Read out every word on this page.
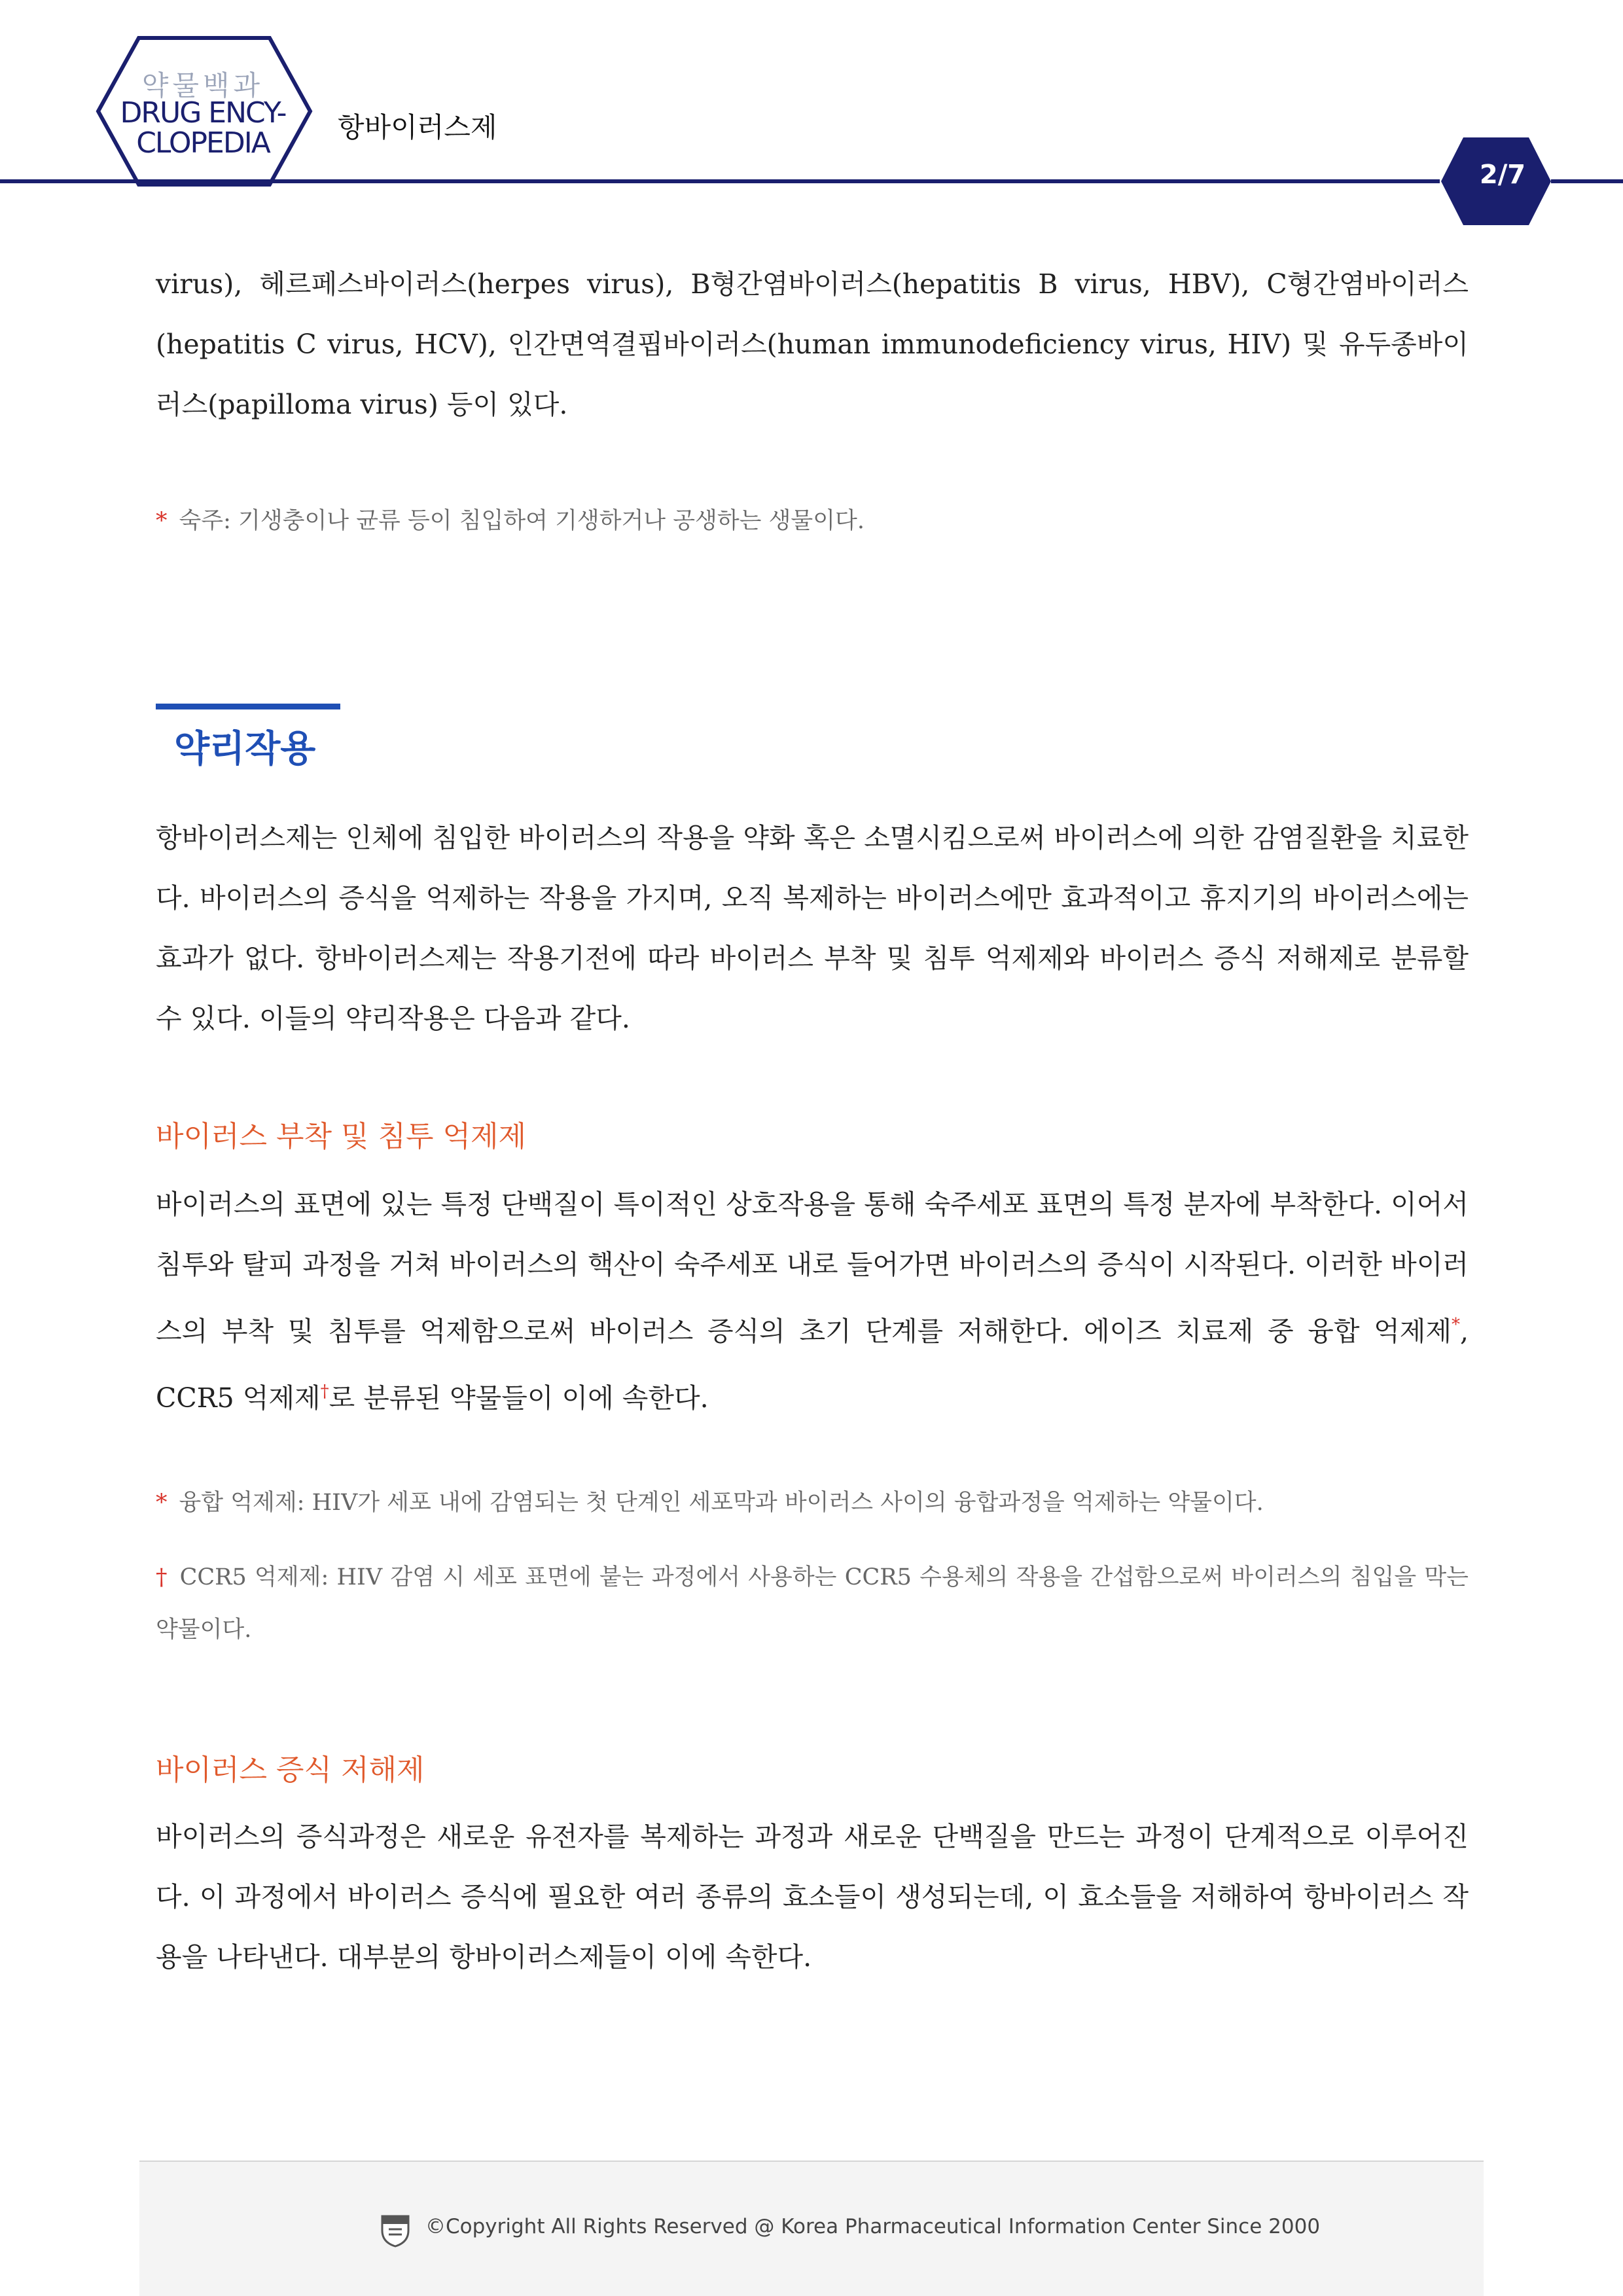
약물백과
DRUG ENCY-
CLOPEDIA	항바이러스제
2/7

virus), 헤르페스바이러스(herpes virus), B형간염바이러스(hepatitis B virus, HBV), C형간염바이러스(hepatitis C virus, HCV), 인간면역결핍바이러스(human immunodeficiency virus, HIV) 및 유두종바이러스(papilloma virus) 등이 있다.

* 숙주: 기생충이나 균류 등이 침입하여 기생하거나 공생하는 생물이다.

약리작용

항바이러스제는 인체에 침입한 바이러스의 작용을 약화 혹은 소멸시킴으로써 바이러스에 의한 감염질환을 치료한다. 바이러스의 증식을 억제하는 작용을 가지며, 오직 복제하는 바이러스에만 효과적이고 휴지기의 바이러스에는 효과가 없다. 항바이러스제는 작용기전에 따라 바이러스 부착 및 침투 억제제와 바이러스 증식 저해제로 분류할 수 있다. 이들의 약리작용은 다음과 같다.

바이러스 부착 및 침투 억제제

바이러스의 표면에 있는 특정 단백질이 특이적인 상호작용을 통해 숙주세포 표면의 특정 분자에 부착한다. 이어서 침투와 탈피 과정을 거쳐 바이러스의 핵산이 숙주세포 내로 들어가면 바이러스의 증식이 시작된다. 이러한 바이러스의 부착 및 침투를 억제함으로써 바이러스 증식의 초기 단계를 저해한다. 에이즈 치료제 중 융합 억제제*, CCR5 억제제†로 분류된 약물들이 이에 속한다.

* 융합 억제제: HIV가 세포 내에 감염되는 첫 단계인 세포막과 바이러스 사이의 융합과정을 억제하는 약물이다.

† CCR5 억제제: HIV 감염 시 세포 표면에 붙는 과정에서 사용하는 CCR5 수용체의 작용을 간섭함으로써 바이러스의 침입을 막는 약물이다.

바이러스 증식 저해제

바이러스의 증식과정은 새로운 유전자를 복제하는 과정과 새로운 단백질을 만드는 과정이 단계적으로 이루어진다. 이 과정에서 바이러스 증식에 필요한 여러 종류의 효소들이 생성되는데, 이 효소들을 저해하여 항바이러스 작용을 나타낸다. 대부분의 항바이러스제들이 이에 속한다.

©Copyright All Rights Reserved @ Korea Pharmaceutical Information Center Since 2000
